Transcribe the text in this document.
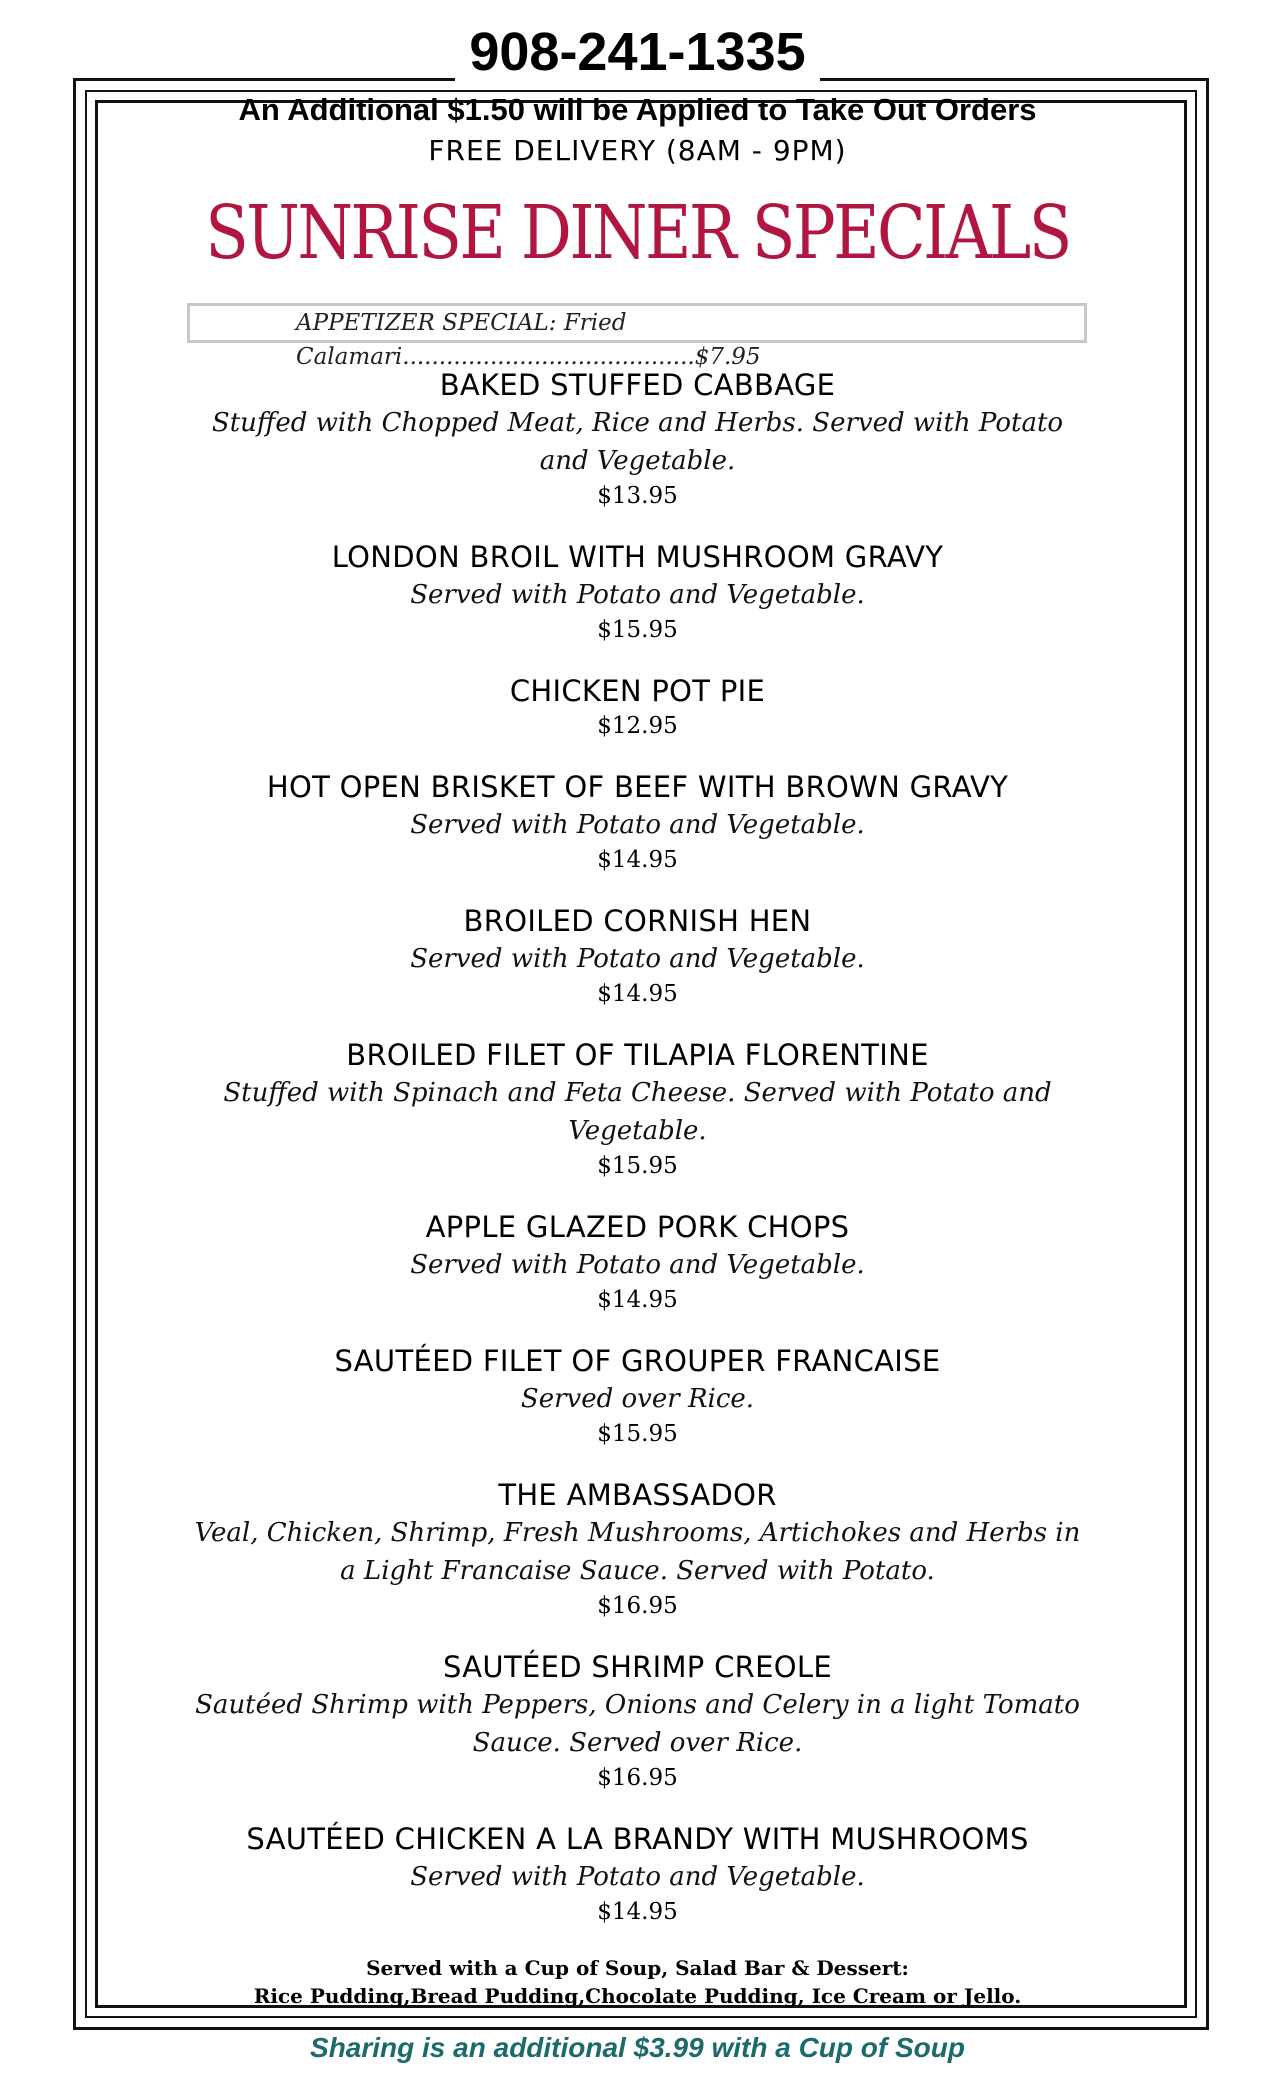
908-241-1335
An Additional $1.50 will be Applied to Take Out Orders
FREE DELIVERY (8AM - 9PM)
SUNRISE DINER SPECIALS
APPETIZER SPECIAL: Fried Calamari........................................$7.95
BAKED STUFFED CABBAGE
Stuffed with Chopped Meat, Rice and Herbs. Served with Potato and Vegetable.
$13.95
LONDON BROIL WITH MUSHROOM GRAVY
Served with Potato and Vegetable.
$15.95
CHICKEN POT PIE
$12.95
HOT OPEN BRISKET OF BEEF WITH BROWN GRAVY
Served with Potato and Vegetable.
$14.95
BROILED CORNISH HEN
Served with Potato and Vegetable.
$14.95
BROILED FILET OF TILAPIA FLORENTINE
Stuffed with Spinach and Feta Cheese. Served with Potato and Vegetable.
$15.95
APPLE GLAZED PORK CHOPS
Served with Potato and Vegetable.
$14.95
SAUTÉED FILET OF GROUPER FRANCAISE
Served over Rice.
$15.95
THE AMBASSADOR
Veal, Chicken, Shrimp, Fresh Mushrooms, Artichokes and Herbs in a Light Francaise Sauce. Served with Potato.
$16.95
SAUTÉED SHRIMP CREOLE
Sautéed Shrimp with Peppers, Onions and Celery in a light Tomato Sauce. Served over Rice.
$16.95
SAUTÉED CHICKEN A LA BRANDY WITH MUSHROOMS
Served with Potato and Vegetable.
$14.95
Served with a Cup of Soup, Salad Bar & Dessert:
Rice Pudding,Bread Pudding,Chocolate Pudding, Ice Cream or Jello.
Sharing is an additional $3.99 with a Cup of Soup
